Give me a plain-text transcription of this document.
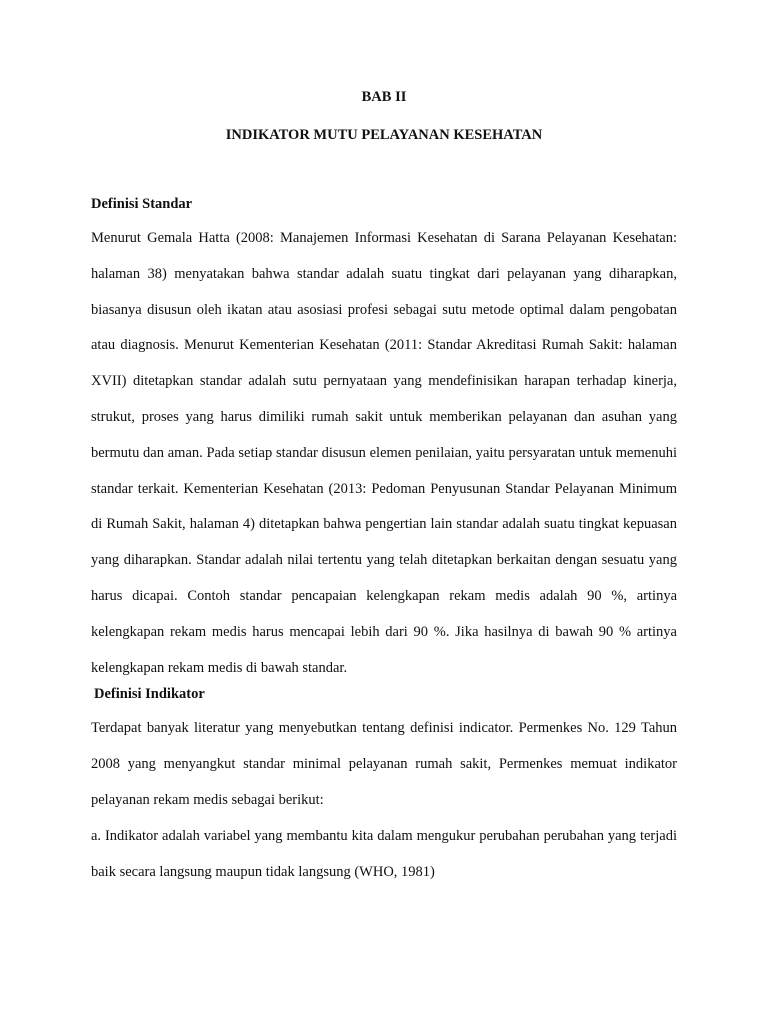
BAB II
INDIKATOR MUTU PELAYANAN KESEHATAN
Definisi Standar

Menurut Gemala Hatta (2008: Manajemen Informasi Kesehatan di Sarana Pelayanan Kesehatan: halaman 38) menyatakan bahwa standar adalah suatu tingkat dari pelayanan yang diharapkan, biasanya disusun oleh ikatan atau asosiasi profesi sebagai sutu metode optimal dalam pengobatan atau diagnosis. Menurut Kementerian Kesehatan (2011: Standar Akreditasi Rumah Sakit: halaman XVII) ditetapkan standar adalah sutu pernyataan yang mendefinisikan harapan terhadap kinerja, strukut, proses yang harus dimiliki rumah sakit untuk memberikan pelayanan dan asuhan yang bermutu dan aman. Pada setiap standar disusun elemen penilaian, yaitu persyaratan untuk memenuhi standar terkait. Kementerian Kesehatan (2013: Pedoman Penyusunan Standar Pelayanan Minimum di Rumah Sakit, halaman 4) ditetapkan bahwa pengertian lain standar adalah suatu tingkat kepuasan yang diharapkan. Standar adalah nilai tertentu yang telah ditetapkan berkaitan dengan sesuatu yang harus dicapai. Contoh standar pencapaian kelengkapan rekam medis adalah 90 %, artinya kelengkapan rekam medis harus mencapai lebih dari 90 %. Jika hasilnya di bawah 90 % artinya kelengkapan rekam medis di bawah standar.

Definisi Indikator

Terdapat banyak literatur yang menyebutkan tentang definisi indicator. Permenkes No. 129 Tahun 2008 yang menyangkut standar minimal pelayanan rumah sakit, Permenkes memuat indikator pelayanan rekam medis sebagai berikut:

a. Indikator adalah variabel yang membantu kita dalam mengukur perubahan perubahan yang terjadi baik secara langsung maupun tidak langsung (WHO, 1981)
